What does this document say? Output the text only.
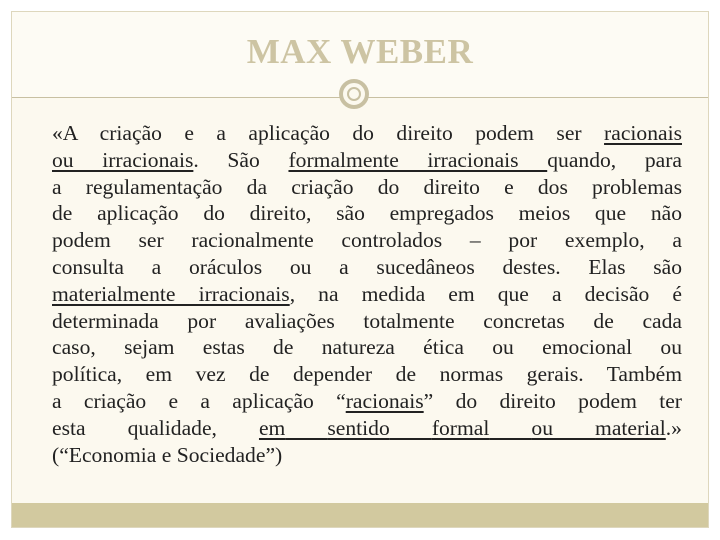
MAX WEBER
«A criação e a aplicação do direito podem ser racionais
ou irracionais. São formalmente irracionais quando, para
a regulamentação da criação do direito e dos problemas
de aplicação do direito, são empregados meios que não
podem ser racionalmente controlados – por exemplo, a
consulta a oráculos ou a sucedâneos destes. Elas são
materialmente irracionais, na medida em que a decisão é
determinada por avaliações totalmente concretas de cada
caso, sejam estas de natureza ética ou emocional ou
política, em vez de depender de normas gerais. Também
a criação e a aplicação “racionais” do direito podem ter
esta qualidade, em sentido formal ou material.»
(“Economia e Sociedade”)
